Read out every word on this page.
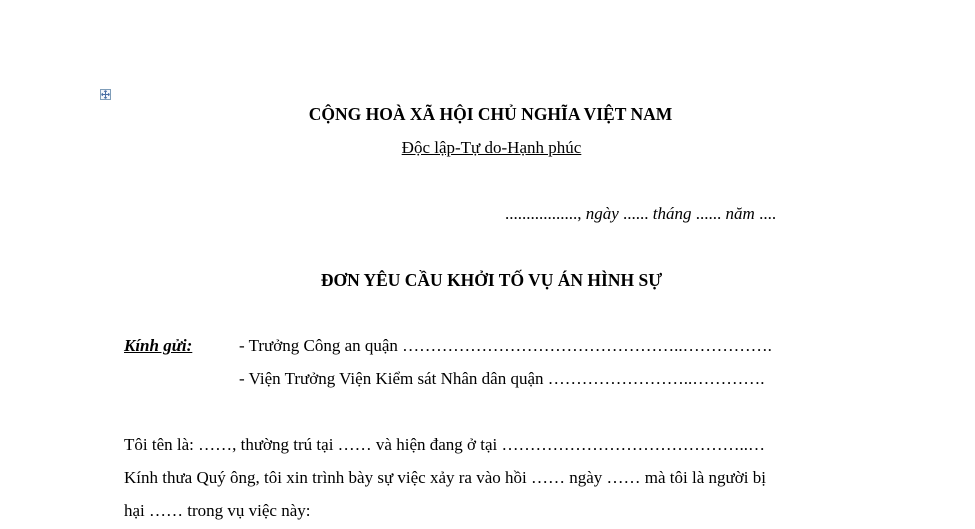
CỘNG HOÀ XÃ HỘI CHỦ NGHĨA VIỆT NAM
Độc lập-Tự do-Hạnh phúc
................., ngày ...... tháng ...... năm ....
ĐƠN YÊU CẦU KHỞI TỐ VỤ ÁN HÌNH SỰ
Kính gửi:	- Trưởng Công an quận …………………………………………..…………….
- Viện Trưởng Viện Kiểm sát Nhân dân quận ……………………..………….
Tôi tên là: ……, thường trú tại …… và hiện đang ở tại ……………………………………..…
Kính thưa Quý ông, tôi xin trình bày sự việc xảy ra vào hồi …… ngày …… mà tôi là người bị
hại …… trong vụ việc này:
